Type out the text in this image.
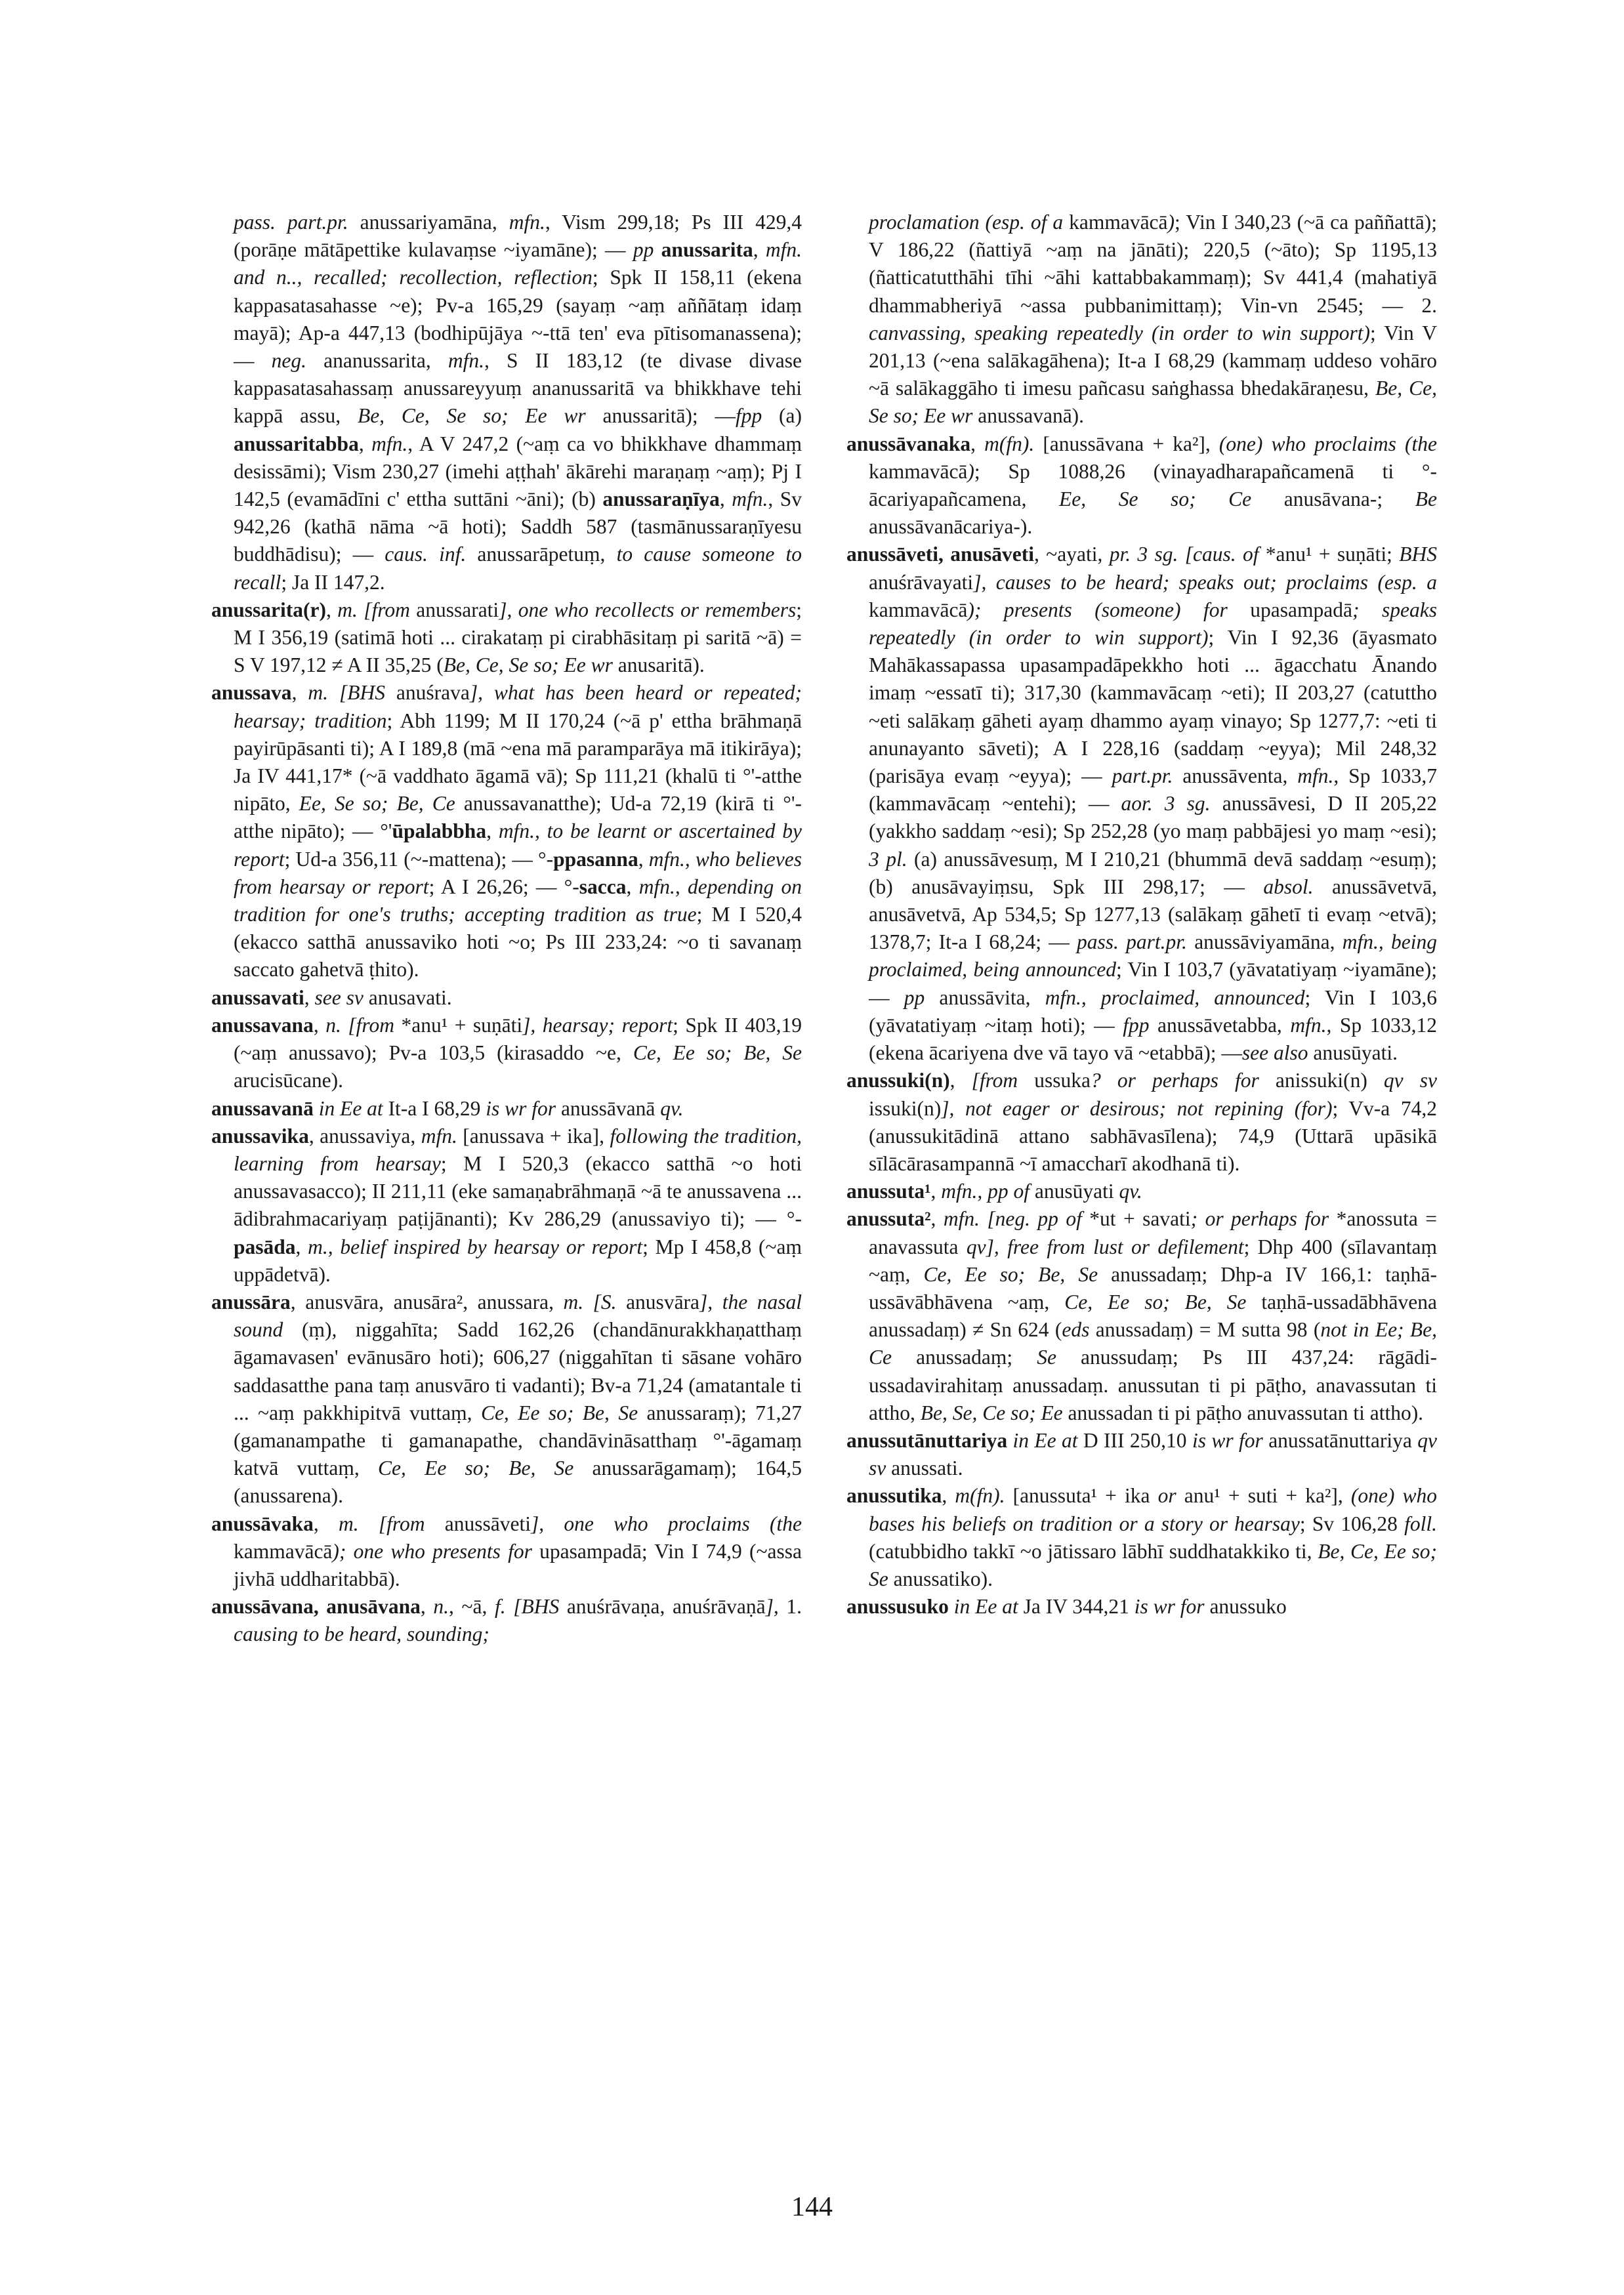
pass. part.pr. anussariyamāna, mfn., Vism 299,18; Ps III 429,4 (porāṇe mātāpettike kulavaṃse ~iyamāne); — pp anussarita, mfn. and n.., recalled; recollection, reflection; Spk II 158,11 (ekena kappasatasahasse ~e); Pv-a 165,29 (sayaṃ ~aṃ aññātaṃ idaṃ mayā); Ap-a 447,13 (bodhipūjāya ~-ttā ten' eva pītisomanassena); — neg. ananussarita, mfn., S II 183,12 (te divase divase kappasatasahassaṃ anussareyyuṃ ananussaritā va bhikkhave tehi kappā assu, Be, Ce, Se so; Ee wr anussaritā); —fpp (a) anussaritabba, mfn., A V 247,2 (~aṃ ca vo bhikkhave dhammaṃ desissāmi); Vism 230,27 (imehi aṭṭhah' ākārehi maraṇaṃ ~aṃ); Pj I 142,5 (evamādīni c' ettha suttāni ~āni); (b) anussaraṇīya, mfn., Sv 942,26 (kathā nāma ~ā hoti); Saddh 587 (tasmānussaraṇīyesu buddhādisu); — caus. inf. anussarāpetuṃ, to cause someone to recall; Ja II 147,2.

anussarita(r), m. [from anussarati], one who recollects or remembers; M I 356,19 (satimā hoti ... cirakataṃ pi cirabhāsitaṃ pi saritā ~ā) = S V 197,12 ≠ A II 35,25 (Be, Ce, Se so; Ee wr anusaritā).

anussava, m. [BHS anuśrava], what has been heard or repeated; hearsay; tradition; Abh 1199; M II 170,24 (~ā p' ettha brāhmaṇā payirūpāsanti ti); A I 189,8 (mā ~ena mā paramparāya mā itikirāya); Ja IV 441,17* (~ā vaddhato āgamā vā); Sp 111,21 (khalū ti °'-atthe nipāto, Ee, Se so; Be, Ce anussavanatthe); Ud-a 72,19 (kirā ti °'-atthe nipāto); — °'ūpalabbha, mfn., to be learnt or ascertained by report; Ud-a 356,11 (~-mattena); — °-ppasanna, mfn., who believes from hearsay or report; A I 26,26; — °-sacca, mfn., depending on tradition for one's truths; accepting tradition as true; M I 520,4 (ekacco satthā anussaviko hoti ~o; Ps III 233,24: ~o ti savanaṃ saccato gahetvā ṭhito).

anussavati, see sv anusavati.

anussavana, n. [from *anu¹ + suṇāti], hearsay; report; Spk II 403,19 (~aṃ anussavo); Pv-a 103,5 (kirasaddo ~e, Ce, Ee so; Be, Se arucisūcane).

anussavanā in Ee at It-a I 68,29 is wr for anussāvanā qv.

anussavika, anussaviya, mfn. [anussava + ika], following the tradition, learning from hearsay; M I 520,3 (ekacco satthā ~o hoti anussavasacco); II 211,11 (eke samaṇabrāhmaṇā ~ā te anussavena ... ādibrahmacariyaṃ paṭijānanti); Kv 286,29 (anussaviyo ti); — °-pasāda, m., belief inspired by hearsay or report; Mp I 458,8 (~aṃ uppādetvā).

anussāra, anusvāra, anusāra², anussara, m. [S. anusvāra], the nasal sound (ṃ), niggahīta; Sadd 162,26 (chandānurakkhaṇatthaṃ āgamavasen' evānusāro hoti); 606,27 (niggahītan ti sāsane vohāro saddasatthe pana taṃ anusvāro ti vadanti); Bv-a 71,24 (amatantale ti ... ~aṃ pakkhipitvā vuttaṃ, Ce, Ee so; Be, Se anussaraṃ); 71,27 (gamanampathe ti gamanapathe, chandāvināsatthaṃ °'-āgamaṃ katvā vuttaṃ, Ce, Ee so; Be, Se anussarāgamaṃ); 164,5 (anussarena).

anussāvaka, m. [from anussāveti], one who proclaims (the kammavācā); one who presents for upasampadā; Vin I 74,9 (~assa jivhā uddharitabbā).

anussāvana, anusāvana, n., ~ā, f. [BHS anuśrāvaṇa, anuśrāvaṇā], 1. causing to be heard, sounding;

proclamation (esp. of a kammavācā); Vin I 340,23 (~ā ca paññattā); V 186,22 (ñattiyā ~aṃ na jānāti); 220,5 (~āto); Sp 1195,13 (ñatticatutthāhi tīhi ~āhi kattabbakammaṃ); Sv 441,4 (mahatiyā dhammabheriyā ~assa pubbanimittaṃ); Vin-vn 2545; — 2. canvassing, speaking repeatedly (in order to win support); Vin V 201,13 (~ena salākagāhena); It-a I 68,29 (kammaṃ uddeso vohāro ~ā salākaggāho ti imesu pañcasu saṅghassa bhedakāraṇesu, Be, Ce, Se so; Ee wr anussavanā).

anussāvanaka, m(fn). [anussāvana + ka²], (one) who proclaims (the kammavācā); Sp 1088,26 (vinayadharapañcamenā ti °-ācariyapañcamena, Ee, Se so; Ce anusāvana-; Be anussāvanācariya-).

anussāveti, anusāveti, ~ayati, pr. 3 sg. [caus. of *anu¹ + suṇāti; BHS anuśrāvayati], causes to be heard; speaks out; proclaims (esp. a kammavācā); presents (someone) for upasampadā; speaks repeatedly (in order to win support); Vin I 92,36 (āyasmato Mahākassapassa upasampadāpekkho hoti ... āgacchatu Ānando imaṃ ~essatī ti); 317,30 (kammavācaṃ ~eti); II 203,27 (catuttho ~eti salākaṃ gāheti ayaṃ dhammo ayaṃ vinayo; Sp 1277,7: ~eti ti anunayanto sāveti); A I 228,16 (saddaṃ ~eyya); Mil 248,32 (parisāya evaṃ ~eyya); — part.pr. anussāventa, mfn., Sp 1033,7 (kammavācaṃ ~entehi); — aor. 3 sg. anussāvesi, D II 205,22 (yakkho saddaṃ ~esi); Sp 252,28 (yo maṃ pabbājesi yo maṃ ~esi); 3 pl. (a) anussāvesuṃ, M I 210,21 (bhummā devā saddaṃ ~esuṃ); (b) anusāvayiṃsu, Spk III 298,17; — absol. anussāvetvā, anusāvetvā, Ap 534,5; Sp 1277,13 (salākaṃ gāhetī ti evaṃ ~etvā); 1378,7; It-a I 68,24; — pass. part.pr. anussāviyamāna, mfn., being proclaimed, being announced; Vin I 103,7 (yāvatatiyaṃ ~iyamāne); — pp anussāvita, mfn., proclaimed, announced; Vin I 103,6 (yāvatatiyaṃ ~itaṃ hoti); — fpp anussāvetabba, mfn., Sp 1033,12 (ekena ācariyena dve vā tayo vā ~etabbā); —see also anusūyati.

anussuki(n), [from ussuka? or perhaps for anissuki(n) qv sv issuki(n)], not eager or desirous; not repining (for); Vv-a 74,2 (anussukitādinā attano sabhāvasīlena); 74,9 (Uttarā upāsikā sīlācārasampannā ~ī amaccharī akodhanā ti).

anussuta¹, mfn., pp of anusūyati qv.

anussuta², mfn. [neg. pp of *ut + savati; or perhaps for *anossuta = anavassuta qv], free from lust or defilement; Dhp 400 (sīlavantaṃ ~aṃ, Ce, Ee so; Be, Se anussadaṃ; Dhp-a IV 166,1: taṇhā-ussāvābhāvena ~aṃ, Ce, Ee so; Be, Se taṇhā-ussadābhāvena anussadaṃ) ≠ Sn 624 (eds anussadaṃ) = M sutta 98 (not in Ee; Be, Ce anussadaṃ; Se anussudaṃ; Ps III 437,24: rāgādi-ussadavirahitaṃ anussadaṃ. anussutan ti pi pāṭho, anavassutan ti attho, Be, Se, Ce so; Ee anussadan ti pi pāṭho anuvassutan ti attho).

anussutānuttariya in Ee at D III 250,10 is wr for anussatānuttariya qv sv anussati.

anussutika, m(fn). [anussuta¹ + ika or anu¹ + suti + ka²], (one) who bases his beliefs on tradition or a story or hearsay; Sv 106,28 foll. (catubbidho takkī ~o jātissaro lābhī suddhatakkiko ti, Be, Ce, Ee so; Se anussatiko).

anussusuko in Ee at Ja IV 344,21 is wr for anussuko

144
